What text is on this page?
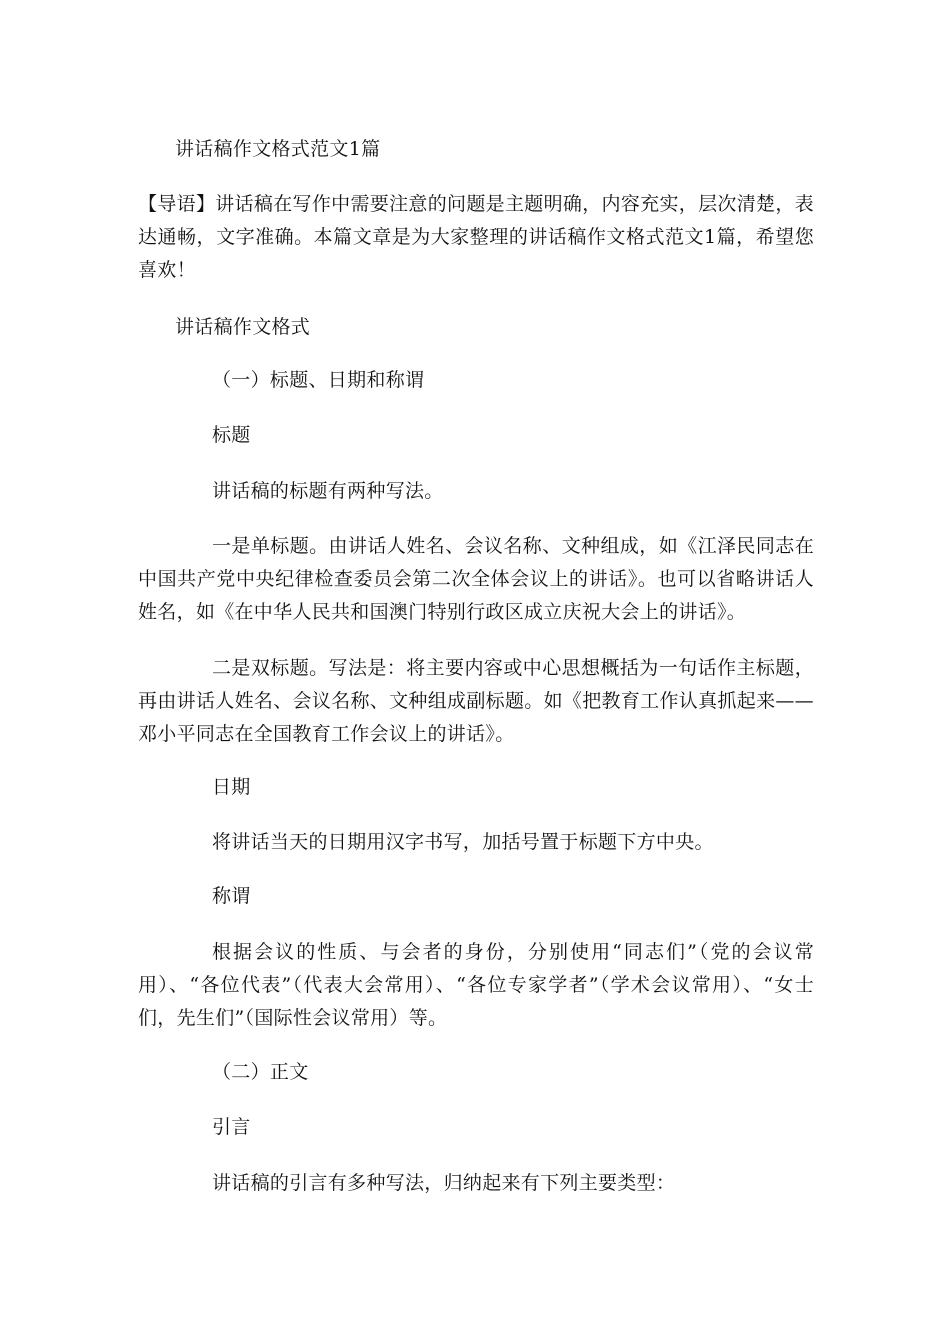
讲话稿作文格式范文1篇
【导语】讲话稿在写作中需要注意的问题是主题明确，内容充实，层次清楚，表达通畅，文字准确。本篇文章是为大家整理的讲话稿作文格式范文1篇，希望您喜欢！
讲话稿作文格式
（一）标题、日期和称谓
标题
讲话稿的标题有两种写法。
一是单标题。由讲话人姓名、会议名称、文种组成，如《江泽民同志在中国共产党中央纪律检查委员会第二次全体会议上的讲话》。也可以省略讲话人姓名，如《在中华人民共和国澳门特别行政区成立庆祝大会上的讲话》。
二是双标题。写法是：将主要内容或中心思想概括为一句话作主标题，再由讲话人姓名、会议名称、文种组成副标题。如《把教育工作认真抓起来——邓小平同志在全国教育工作会议上的讲话》。
日期
将讲话当天的日期用汉字书写，加括号置于标题下方中央。
称谓
根据会议的性质、与会者的身份，分别使用“同志们”（党的会议常用）、“各位代表”（代表大会常用）、“各位专家学者”（学术会议常用）、“女士们，先生们”（国际性会议常用）等。
（二）正文
引言
讲话稿的引言有多种写法，归纳起来有下列主要类型：
